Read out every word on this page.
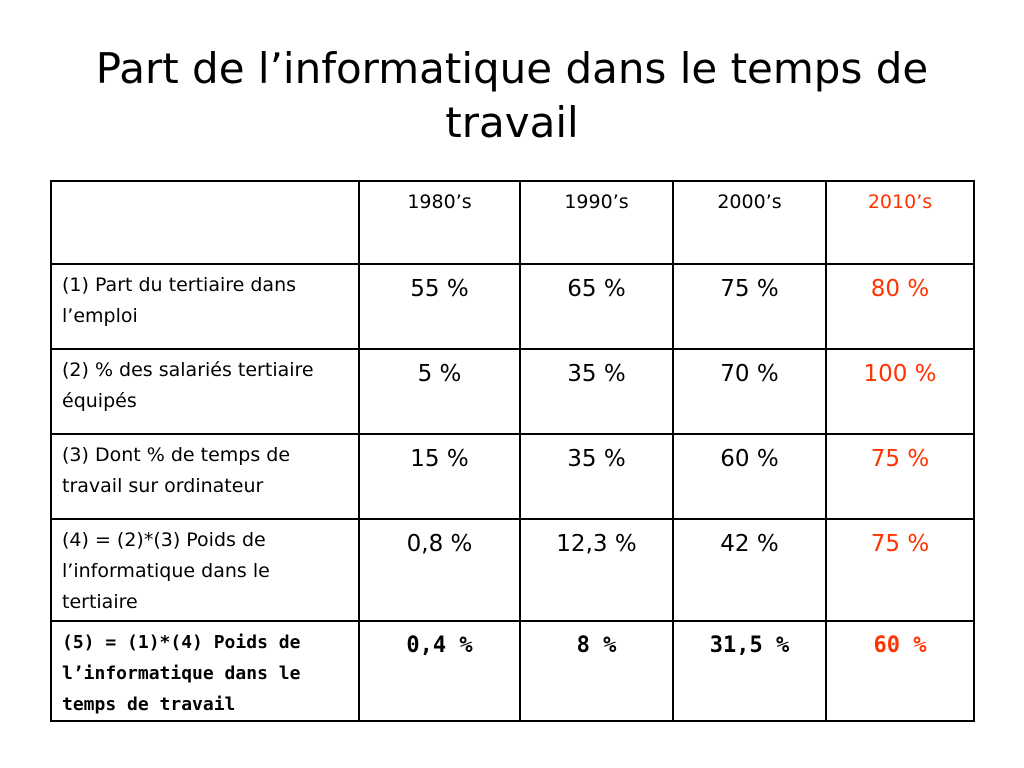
Part de l’informatique dans le temps de travail
	1980’s	1990’s	2000’s	2010’s
(1) Part du tertiaire dans l’emploi	55 %	65 %	75 %	80 %
(2) % des salariés tertiaire équipés	5 %	35 %	70 %	100 %
(3) Dont % de temps de travail sur ordinateur	15 %	35 %	60 %	75 %
(4) = (2)*(3) Poids de l’informatique dans le tertiaire	0,8 %	12,3 %	42 %	75 %
(5) = (1)*(4) Poids de l’informatique dans le temps de travail	0,4 %	8 %	31,5 %	60 %
